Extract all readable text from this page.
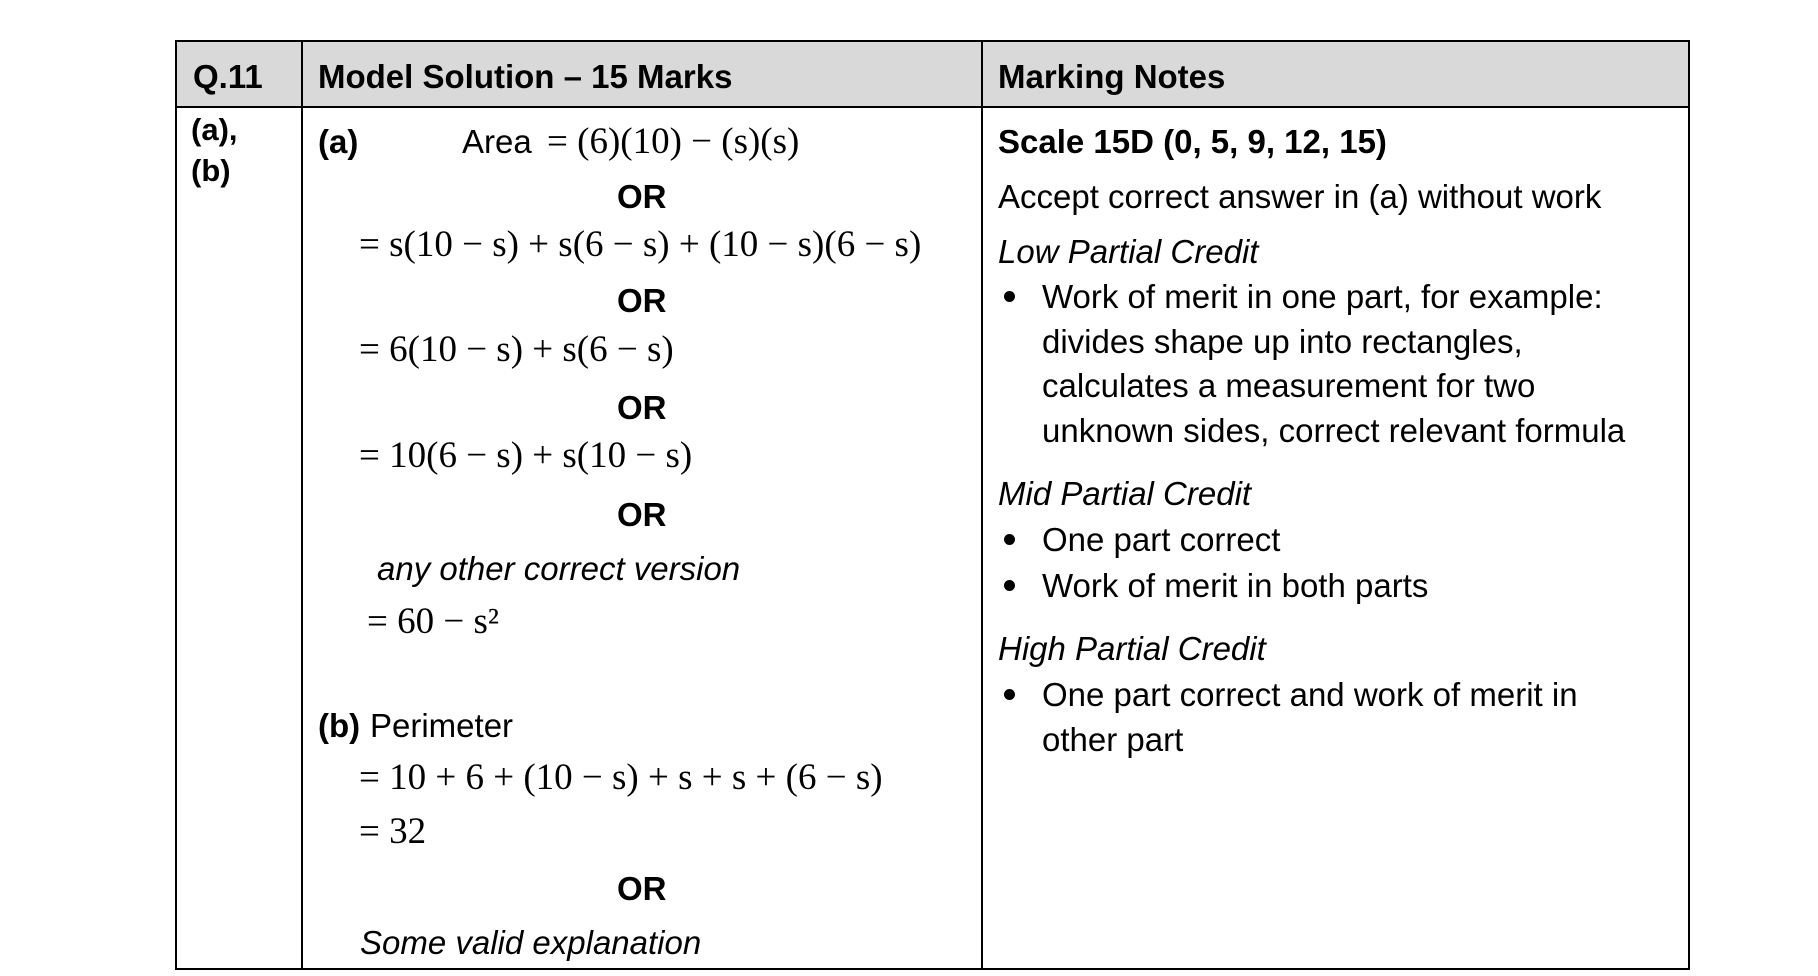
Q.11 Model Solution – 15 Marks	Marking Notes
(a),
(b)
(a)	Area = (6)(10) − (s)(s)
OR
= s(10 − s) + s(6 − s) + (10 − s)(6 − s)
OR
= 6(10 − s) + s(6 − s)
OR
= 10(6 − s) + s(10 − s)
OR
any other correct version
= 60 − s²
(b) Perimeter
= 10 + 6 + (10 − s) + s + s + (6 − s)
= 32
OR
Some valid explanation
Scale 15D (0, 5, 9, 12, 15)
Accept correct answer in (a) without work
Low Partial Credit
Work of merit in one part, for example:
divides shape up into rectangles,
calculates a measurement for two
unknown sides, correct relevant formula
Mid Partial Credit
One part correct
Work of merit in both parts
High Partial Credit
One part correct and work of merit in
other part
